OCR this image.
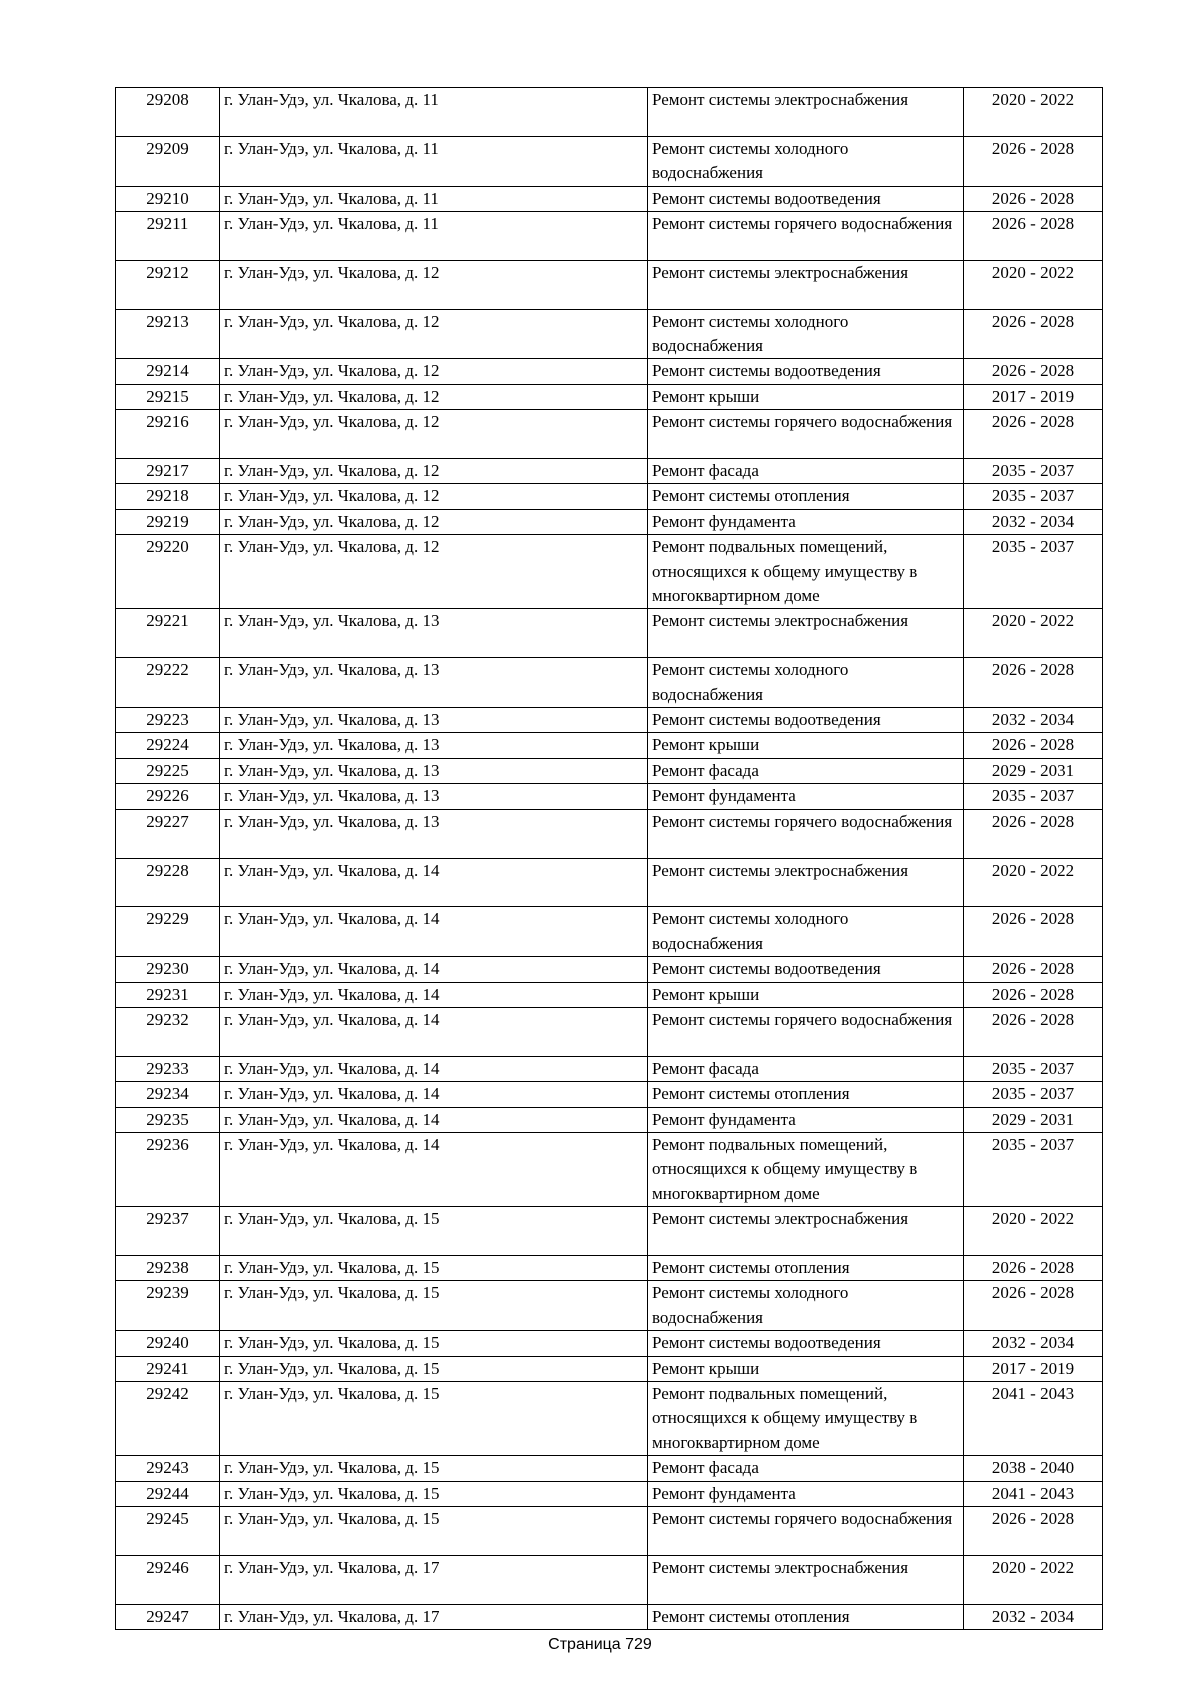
29208	г. Улан-Удэ, ул. Чкалова, д. 11	Ремонт системы электроснабжения	2020 - 2022
29209	г. Улан-Удэ, ул. Чкалова, д. 11	Ремонт системы холодного водоснабжения	2026 - 2028
29210	г. Улан-Удэ, ул. Чкалова, д. 11	Ремонт системы водоотведения	2026 - 2028
29211	г. Улан-Удэ, ул. Чкалова, д. 11	Ремонт системы горячего водоснабжения	2026 - 2028
29212	г. Улан-Удэ, ул. Чкалова, д. 12	Ремонт системы электроснабжения	2020 - 2022
29213	г. Улан-Удэ, ул. Чкалова, д. 12	Ремонт системы холодного водоснабжения	2026 - 2028
29214	г. Улан-Удэ, ул. Чкалова, д. 12	Ремонт системы водоотведения	2026 - 2028
29215	г. Улан-Удэ, ул. Чкалова, д. 12	Ремонт крыши	2017 - 2019
29216	г. Улан-Удэ, ул. Чкалова, д. 12	Ремонт системы горячего водоснабжения	2026 - 2028
29217	г. Улан-Удэ, ул. Чкалова, д. 12	Ремонт фасада	2035 - 2037
29218	г. Улан-Удэ, ул. Чкалова, д. 12	Ремонт системы отопления	2035 - 2037
29219	г. Улан-Удэ, ул. Чкалова, д. 12	Ремонт фундамента	2032 - 2034
29220	г. Улан-Удэ, ул. Чкалова, д. 12	Ремонт подвальных помещений, относящихся к общему имуществу в многоквартирном доме	2035 - 2037
29221	г. Улан-Удэ, ул. Чкалова, д. 13	Ремонт системы электроснабжения	2020 - 2022
29222	г. Улан-Удэ, ул. Чкалова, д. 13	Ремонт системы холодного водоснабжения	2026 - 2028
29223	г. Улан-Удэ, ул. Чкалова, д. 13	Ремонт системы водоотведения	2032 - 2034
29224	г. Улан-Удэ, ул. Чкалова, д. 13	Ремонт крыши	2026 - 2028
29225	г. Улан-Удэ, ул. Чкалова, д. 13	Ремонт фасада	2029 - 2031
29226	г. Улан-Удэ, ул. Чкалова, д. 13	Ремонт фундамента	2035 - 2037
29227	г. Улан-Удэ, ул. Чкалова, д. 13	Ремонт системы горячего водоснабжения	2026 - 2028
29228	г. Улан-Удэ, ул. Чкалова, д. 14	Ремонт системы электроснабжения	2020 - 2022
29229	г. Улан-Удэ, ул. Чкалова, д. 14	Ремонт системы холодного водоснабжения	2026 - 2028
29230	г. Улан-Удэ, ул. Чкалова, д. 14	Ремонт системы водоотведения	2026 - 2028
29231	г. Улан-Удэ, ул. Чкалова, д. 14	Ремонт крыши	2026 - 2028
29232	г. Улан-Удэ, ул. Чкалова, д. 14	Ремонт системы горячего водоснабжения	2026 - 2028
29233	г. Улан-Удэ, ул. Чкалова, д. 14	Ремонт фасада	2035 - 2037
29234	г. Улан-Удэ, ул. Чкалова, д. 14	Ремонт системы отопления	2035 - 2037
29235	г. Улан-Удэ, ул. Чкалова, д. 14	Ремонт фундамента	2029 - 2031
29236	г. Улан-Удэ, ул. Чкалова, д. 14	Ремонт подвальных помещений, относящихся к общему имуществу в многоквартирном доме	2035 - 2037
29237	г. Улан-Удэ, ул. Чкалова, д. 15	Ремонт системы электроснабжения	2020 - 2022
29238	г. Улан-Удэ, ул. Чкалова, д. 15	Ремонт системы отопления	2026 - 2028
29239	г. Улан-Удэ, ул. Чкалова, д. 15	Ремонт системы холодного водоснабжения	2026 - 2028
29240	г. Улан-Удэ, ул. Чкалова, д. 15	Ремонт системы водоотведения	2032 - 2034
29241	г. Улан-Удэ, ул. Чкалова, д. 15	Ремонт крыши	2017 - 2019
29242	г. Улан-Удэ, ул. Чкалова, д. 15	Ремонт подвальных помещений, относящихся к общему имуществу в многоквартирном доме	2041 - 2043
29243	г. Улан-Удэ, ул. Чкалова, д. 15	Ремонт фасада	2038 - 2040
29244	г. Улан-Удэ, ул. Чкалова, д. 15	Ремонт фундамента	2041 - 2043
29245	г. Улан-Удэ, ул. Чкалова, д. 15	Ремонт системы горячего водоснабжения	2026 - 2028
29246	г. Улан-Удэ, ул. Чкалова, д. 17	Ремонт системы электроснабжения	2020 - 2022
29247	г. Улан-Удэ, ул. Чкалова, д. 17	Ремонт системы отопления	2032 - 2034
Страница 729
